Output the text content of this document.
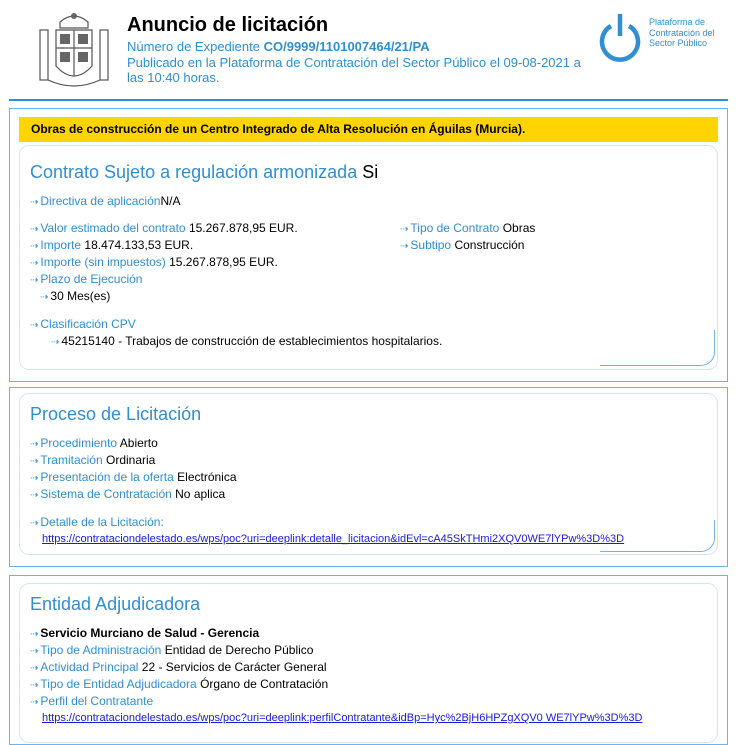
Anuncio de licitación
Número de Expediente CO/9999/1101007464/21/PA
Publicado en la Plataforma de Contratación del Sector Público el 09-08-2021 a las 10:40 horas.
Plataforma de Contratación del Sector Público
Obras de construcción de un Centro Integrado de Alta Resolución en Águilas (Murcia).
Contrato Sujeto a regulación armonizada Si
⇢ Directiva de aplicaciónN/A
⇢ Valor estimado del contrato 15.267.878,95 EUR.
⇢ Importe 18.474.133,53 EUR.
⇢ Importe (sin impuestos) 15.267.878,95 EUR.
⇢ Plazo de Ejecución
⇢ 30 Mes(es)
⇢ Tipo de Contrato Obras
⇢ Subtipo Construcción
⇢ Clasificación CPV
⇢ 45215140 - Trabajos de construcción de establecimientos hospitalarios.
Proceso de Licitación
⇢ Procedimiento Abierto
⇢ Tramitación Ordinaria
⇢ Presentación de la oferta Electrónica
⇢ Sistema de Contratación No aplica
⇢ Detalle de la Licitación:
https://contrataciondelestado.es/wps/poc?uri=deeplink:detalle_licitacion&idEvl=cA45SkTHmi2XQV0WE7lYPw%3D%3D
Entidad Adjudicadora
⇢ Servicio Murciano de Salud - Gerencia
⇢ Tipo de Administración Entidad de Derecho Público
⇢ Actividad Principal 22 - Servicios de Carácter General
⇢ Tipo de Entidad Adjudicadora Órgano de Contratación
⇢ Perfil del Contratante
https://contrataciondelestado.es/wps/poc?uri=deeplink:perfilContratante&idBp=Hyc%2BjH6HPZgXQV0 WE7lYPw%3D%3D
